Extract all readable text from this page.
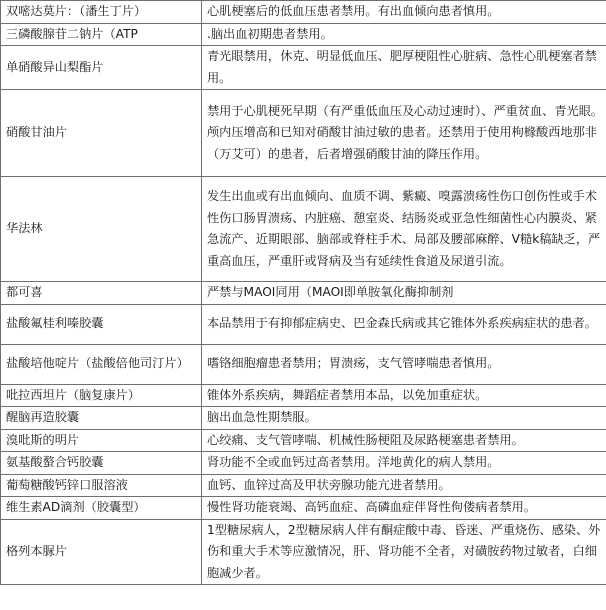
双嘧达莫片：（潘生丁片）	心肌梗塞后的低血压患者禁用。有出血倾向患者慎用。
三磷酸腺苷二钠片（ATP	.脑出血初期患者禁用。
单硝酸异山梨酯片	青光眼禁用，休克、明显低血压、肥厚梗阻性心脏病、急性心肌梗塞者禁用。
硝酸甘油片	禁用于心肌梗死早期（有严重低血压及心动过速时）、严重贫血、青光眼。颅内压增高和已知对硝酸甘油过敏的患者。还禁用于使用枸橼酸西地那非（万艾可）的患者，后者增强硝酸甘油的降压作用。
华法林	发生出血或有出血倾向、血质不调、紫癜、嗅露溃疡性伤口创伤性或手术性伤口肠胃溃疡、内脏癌、憩室炎、结肠炎或亚急性细菌性心内膜炎、紧急流产、近期眼部、脑部或脊柱手术、局部及腰部麻醉、V糙k稿缺乏，严重高血压，严重肝或肾病及当有延续性食道及尿道引流。
都可喜	严禁与MAOI同用（MAOI即单胺氧化酶抑制剂
盐酸氟桂利嗪胶囊	本品禁用于有抑郁症病史、巴金森氏病或其它锥体外系疾病症状的患者。
盐酸培他啶片（盐酸倍他司汀片）	嗜铬细胞瘤患者禁用；胃溃疡，支气管哮喘患者慎用。
吡拉西坦片（脑复康片）	锥体外系疾病，舞蹈症者禁用本品，以免加重症状。
醒脑再造胶囊	脑出血急性期禁服。
溴吡斯的明片	心绞痛、支气管哮喘、机械性肠梗阻及尿路梗塞患者禁用。
氨基酸螯合钙胶囊	肾功能不全或血钙过高者禁用。洋地黄化的病人禁用。
葡萄糖酸钙锌口服溶液	血钙、血锌过高及甲状旁腺功能亢进者禁用。
维生素AD滴剂（胶囊型）	慢性肾功能衰竭、高钙血症、高磷血症伴肾性佝偻病者禁用。
格列本脲片	1型糖尿病人，2型糖尿病人伴有酮症酸中毒、昏迷、严重烧伤、感染、外伤和重大手术等应激情况，肝、肾功能不全者，对磺胺药物过敏者，白细胞减少者。
